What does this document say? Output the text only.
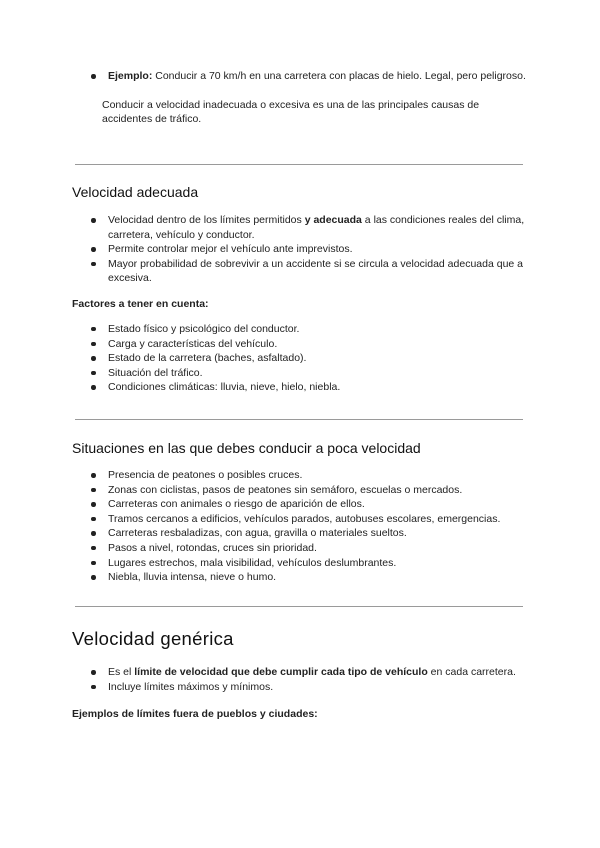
Ejemplo: Conducir a 70 km/h en una carretera con placas de hielo. Legal, pero peligroso.

Conducir a velocidad inadecuada o excesiva es una de las principales causas de accidentes de tráfico.

Velocidad adecuada
Velocidad dentro de los límites permitidos y adecuada a las condiciones reales del clima, carretera, vehículo y conductor.
Permite controlar mejor el vehículo ante imprevistos.
Mayor probabilidad de sobrevivir a un accidente si se circula a velocidad adecuada que a excesiva.
Factores a tener en cuenta:
Estado físico y psicológico del conductor.
Carga y características del vehículo.
Estado de la carretera (baches, asfaltado).
Situación del tráfico.
Condiciones climáticas: lluvia, nieve, hielo, niebla.
Situaciones en las que debes conducir a poca velocidad
Presencia de peatones o posibles cruces.
Zonas con ciclistas, pasos de peatones sin semáforo, escuelas o mercados.
Carreteras con animales o riesgo de aparición de ellos.
Tramos cercanos a edificios, vehículos parados, autobuses escolares, emergencias.
Carreteras resbaladizas, con agua, gravilla o materiales sueltos.
Pasos a nivel, rotondas, cruces sin prioridad.
Lugares estrechos, mala visibilidad, vehículos deslumbrantes.
Niebla, lluvia intensa, nieve o humo.
Velocidad genérica
Es el límite de velocidad que debe cumplir cada tipo de vehículo en cada carretera.
Incluye límites máximos y mínimos.
Ejemplos de límites fuera de pueblos y ciudades:
